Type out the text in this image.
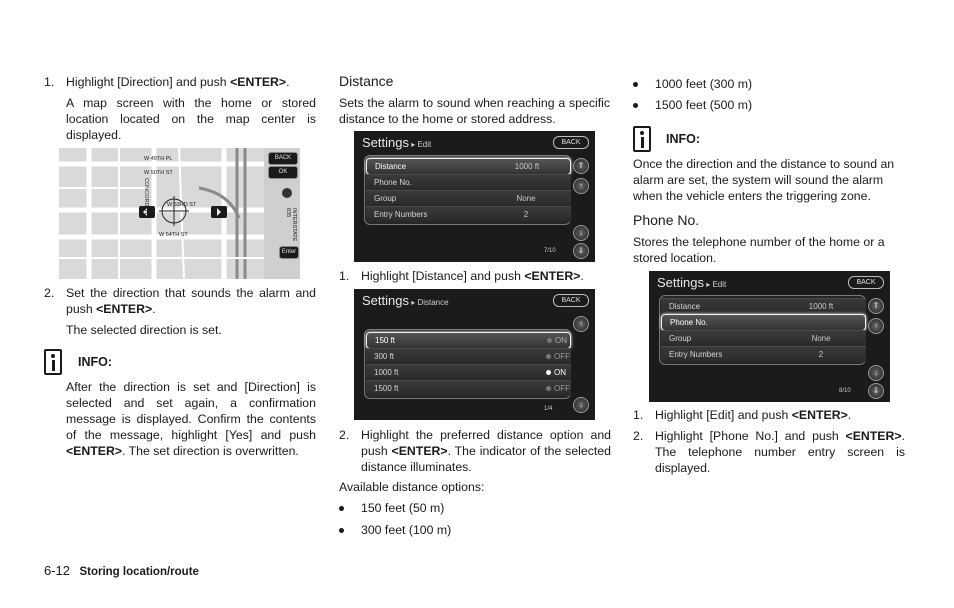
1. Highlight [Direction] and push <ENTER>.
A map screen with the home or stored location located on the map center is displayed.
W 49TH PL
W 50TH ST
CONCORD ST	W 53RD ST
W 54TH ST	INTERSTATE 635
BACK
OK
Enter
2. Set the direction that sounds the alarm and push <ENTER>.
The selected direction is set.
INFO:
After the direction is set and [Direction] is selected and set again, a confirmation message is displayed. Confirm the contents of the message, highlight [Yes] and push <ENTER>. The set direction is overwritten.
Distance
Sets the alarm to sound when reaching a specific distance to the home or stored address.
Settings ▸ Edit	BACK
Distance	1000 ft
Phone No.
Group	None
Entry Numbers	2
⇑
↑
↓
⇓
7/10
1. Highlight [Distance] and push <ENTER>.
Settings ▸ Distance	BACK
150 ft	ON
300 ft	OFF
1000 ft	ON
1500 ft	OFF
↑
↓
1/4
2. Highlight the preferred distance option and push <ENTER>. The indicator of the selected distance illuminates.
Available distance options:
150 feet (50 m)
300 feet (100 m)
1000 feet (300 m)
1500 feet (500 m)
INFO:
Once the direction and the distance to sound an alarm are set, the system will sound the alarm when the vehicle enters the triggering zone.
Phone No.
Stores the telephone number of the home or a stored location.
Settings ▸ Edit	BACK
Distance	1000 ft
Phone No.
Group	None
Entry Numbers	2
⇑
↑
↓
⇓
8/10
1. Highlight [Edit] and push <ENTER>.
2. Highlight [Phone No.] and push <ENTER>. The telephone number entry screen is displayed.
6-12 Storing location/route
